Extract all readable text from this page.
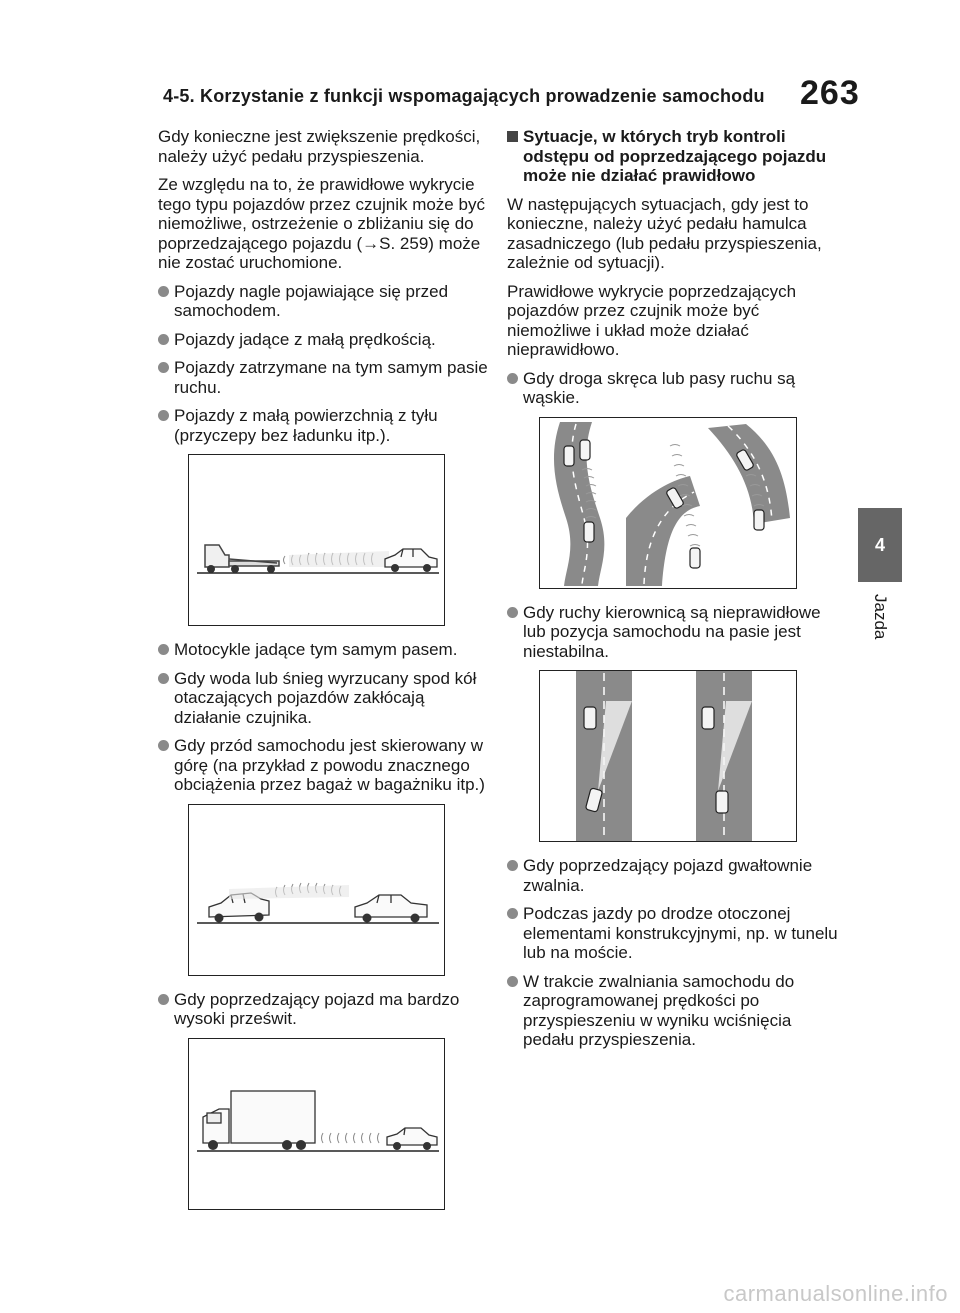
4-5. Korzystanie z funkcji wspomagających prowadzenie samochodu 263
4
Jazda

Gdy konieczne jest zwiększenie prędkości, należy użyć pedału przyspieszenia.

Ze względu na to, że prawidłowe wykrycie tego typu pojazdów przez czujnik może być niemożliwe, ostrzeżenie o zbliżaniu się do poprzedzającego pojazdu (→S. 259) może nie zostać uruchomione.

Pojazdy nagle pojawiające się przed samochodem.
Pojazdy jadące z małą prędkością.
Pojazdy zatrzymane na tym samym pasie ruchu.
Pojazdy z małą powierzchnią z tyłu (przyczepy bez ładunku itp.).
Motocykle jadące tym samym pasem.
Gdy woda lub śnieg wyrzucany spod kół otaczających pojazdów zakłócają działanie czujnika.
Gdy przód samochodu jest skierowany w górę (na przykład z powodu znacznego obciążenia przez bagaż w bagażniku itp.)
Gdy poprzedzający pojazd ma bardzo wysoki prześwit.
Sytuacje, w których tryb kontroli odstępu od poprzedzającego pojazdu może nie działać prawidłowo

W następujących sytuacjach, gdy jest to konieczne, należy użyć pedału hamulca zasadniczego (lub pedału przyspieszenia, zależnie od sytuacji).

Prawidłowe wykrycie poprzedzających pojazdów przez czujnik może być niemożliwe i układ może działać nieprawidłowo.

Gdy droga skręca lub pasy ruchu są wąskie.
Gdy ruchy kierownicą są nieprawidłowe lub pozycja samochodu na pasie jest niestabilna.
Gdy poprzedzający pojazd gwałtownie zwalnia.
Podczas jazdy po drodze otoczonej elementami konstrukcyjnymi, np. w tunelu lub na moście.
W trakcie zwalniania samochodu do zaprogramowanej prędkości po przyspieszeniu w wyniku wciśnięcia pedału przyspieszenia.
carmanualsonline.info
